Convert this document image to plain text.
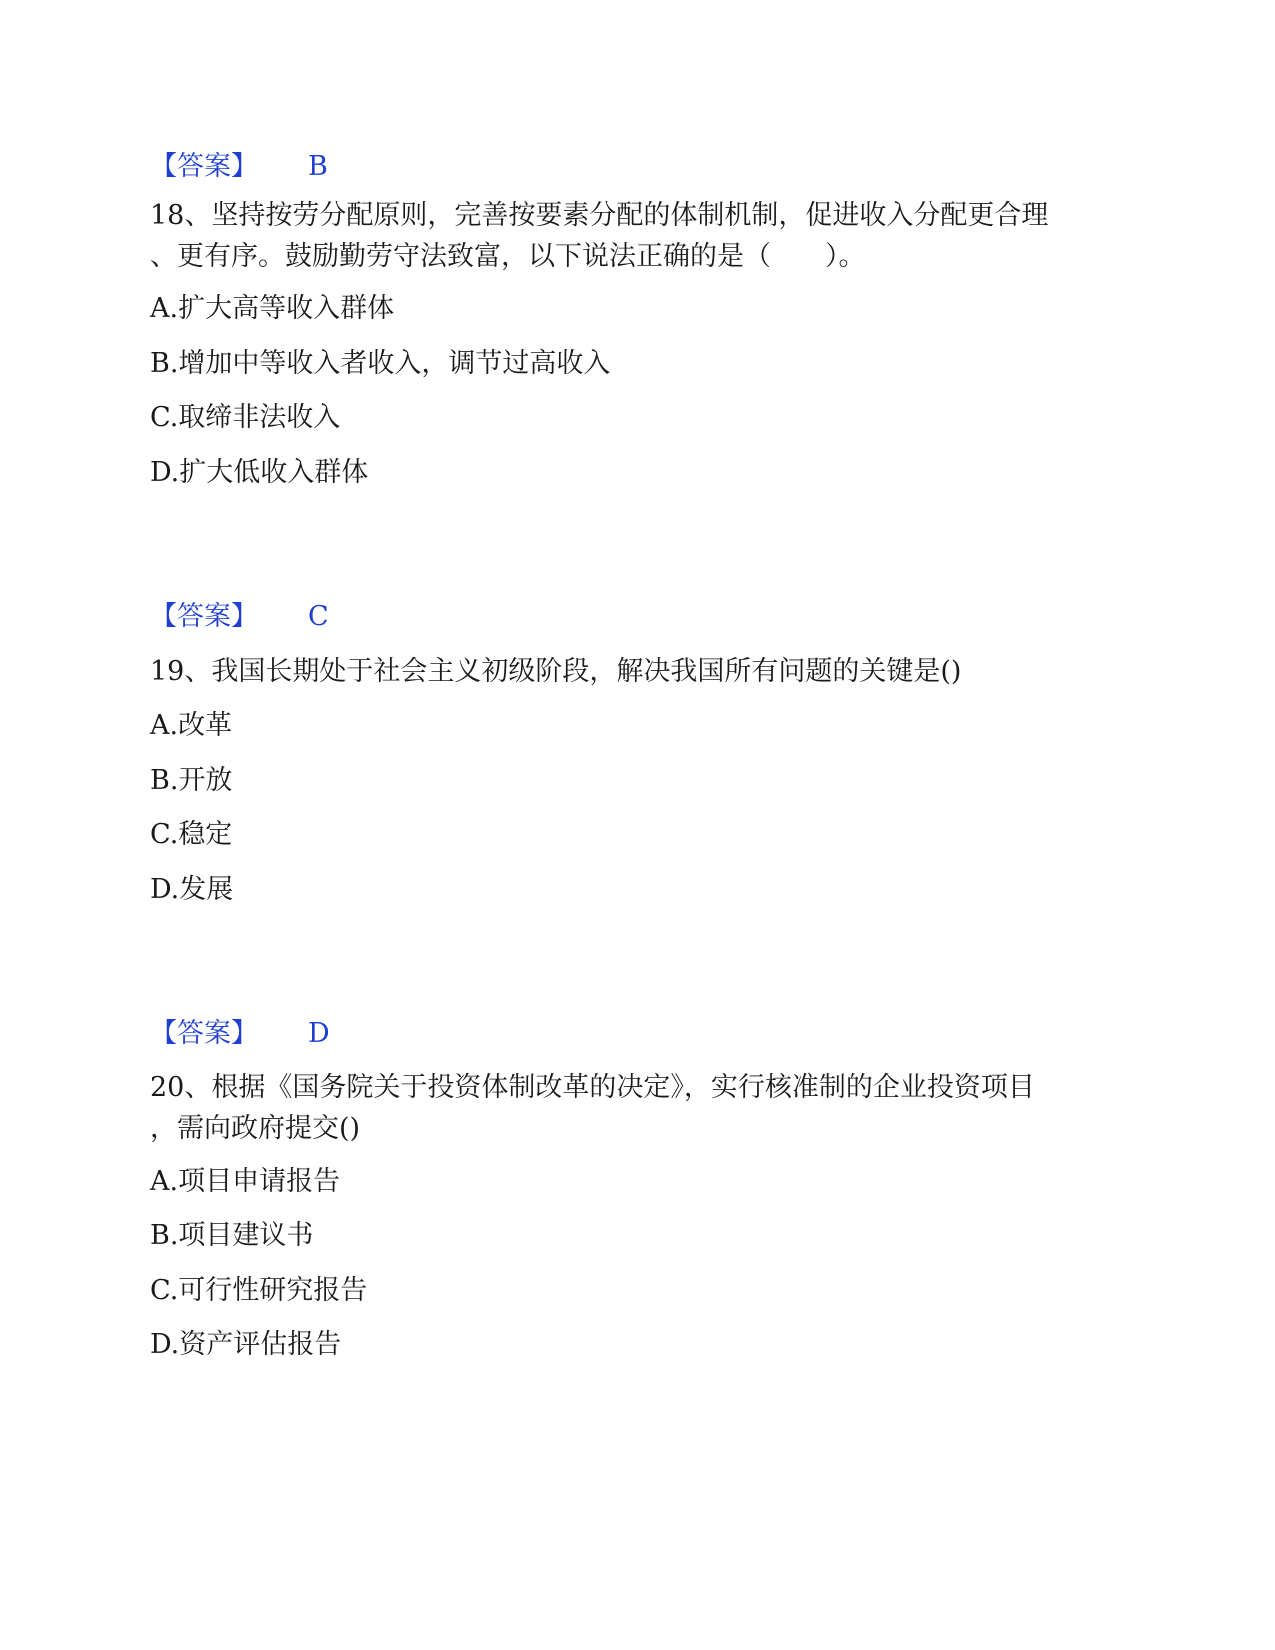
【答案】 B

18、坚持按劳分配原则，完善按要素分配的体制机制，促进收入分配更合理
、更有序。鼓励勤劳守法致富，以下说法正确的是（　　）。

A.扩大高等收入群体
B.增加中等收入者收入，调节过高收入
C.取缔非法收入
D.扩大低收入群体
【答案】 C

19、我国长期处于社会主义初级阶段，解决我国所有问题的关键是()

A.改革
B.开放
C.稳定
D.发展
【答案】 D

20、根据《国务院关于投资体制改革的决定》，实行核准制的企业投资项目
，需向政府提交()

A.项目申请报告
B.项目建议书
C.可行性研究报告
D.资产评估报告
